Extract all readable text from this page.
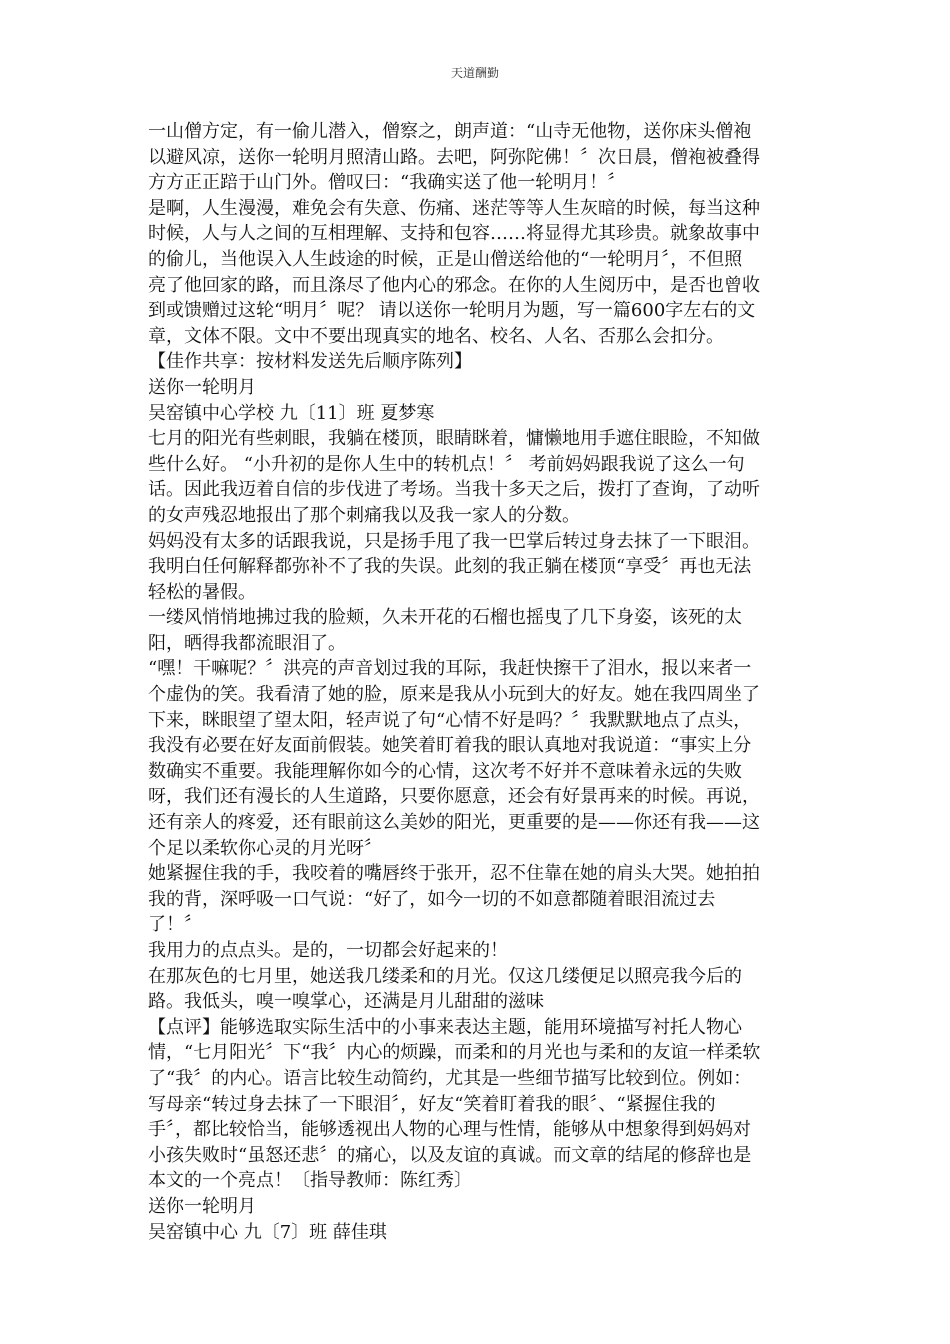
天道酬勤
一山僧方定，有一偷儿潜入，僧察之，朗声道：“山寺无他物，送你床头僧袍
以避风凉，送你一轮明月照清山路。去吧，阿弥陀佛！〞次日晨，僧袍被叠得
方方正正踣于山门外。僧叹曰：“我确实送了他一轮明月！〞
是啊，人生漫漫，难免会有失意、伤痛、迷茫等等人生灰暗的时候，每当这种
时候，人与人之间的互相理解、支持和包容……将显得尤其珍贵。就象故事中
的偷儿，当他误入人生歧途的时候，正是山僧送给他的“一轮明月〞，不但照
亮了他回家的路，而且涤尽了他内心的邪念。在你的人生阅历中，是否也曾收
到或馈赠过这轮“明月〞呢？ 请以送你一轮明月为题，写一篇600字左右的文
章，文体不限。文中不要出现真实的地名、校名、人名、否那么会扣分。
【佳作共享：按材料发送先后顺序陈列】
送你一轮明月
吴窑镇中心学校 九〔11〕班 夏梦寒
七月的阳光有些刺眼，我躺在楼顶，眼睛眯着，慵懒地用手遮住眼睑，不知做
些什么好。 “小升初的是你人生中的转机点！〞 考前妈妈跟我说了这么一句
话。因此我迈着自信的步伐进了考场。当我十多天之后，拨打了查询，了动听
的女声残忍地报出了那个刺痛我以及我一家人的分数。
妈妈没有太多的话跟我说，只是扬手甩了我一巴掌后转过身去抹了一下眼泪。
我明白任何解释都弥补不了我的失误。此刻的我正躺在楼顶“享受〞再也无法
轻松的暑假。
一缕风悄悄地拂过我的脸颊，久未开花的石榴也摇曳了几下身姿，该死的太
阳，晒得我都流眼泪了。
“嘿！干嘛呢？〞洪亮的声音划过我的耳际，我赶快擦干了泪水，报以来者一
个虚伪的笑。我看清了她的脸，原来是我从小玩到大的好友。她在我四周坐了
下来，眯眼望了望太阳，轻声说了句“心情不好是吗？〞我默默地点了点头，
我没有必要在好友面前假装。她笑着盯着我的眼认真地对我说道：“事实上分
数确实不重要。我能理解你如今的心情，这次考不好并不意味着永远的失败
呀，我们还有漫长的人生道路，只要你愿意，还会有好景再来的时候。再说，
还有亲人的疼爱，还有眼前这么美妙的阳光，更重要的是——你还有我——这
个足以柔软你心灵的月光呀〞
她紧握住我的手，我咬着的嘴唇终于张开，忍不住靠在她的肩头大哭。她拍拍
我的背，深呼吸一口气说：“好了，如今一切的不如意都随着眼泪流过去
了！〞
我用力的点点头。是的，一切都会好起来的！
在那灰色的七月里，她送我几缕柔和的月光。仅这几缕便足以照亮我今后的
路。我低头，嗅一嗅掌心，还满是月儿甜甜的滋味
【点评】能够选取实际生活中的小事来表达主题，能用环境描写衬托人物心
情，“七月阳光〞下“我〞内心的烦躁，而柔和的月光也与柔和的友谊一样柔软
了“我〞的内心。语言比较生动简约，尤其是一些细节描写比较到位。例如：
写母亲“转过身去抹了一下眼泪〞，好友“笑着盯着我的眼〞、“紧握住我的
手〞，都比较恰当，能够透视出人物的心理与性情，能够从中想象得到妈妈对
小孩失败时“虽怒还悲〞的痛心，以及友谊的真诚。而文章的结尾的修辞也是
本文的一个亮点！〔指导教师：陈红秀〕
送你一轮明月
吴窑镇中心 九〔7〕班 薛佳琪
